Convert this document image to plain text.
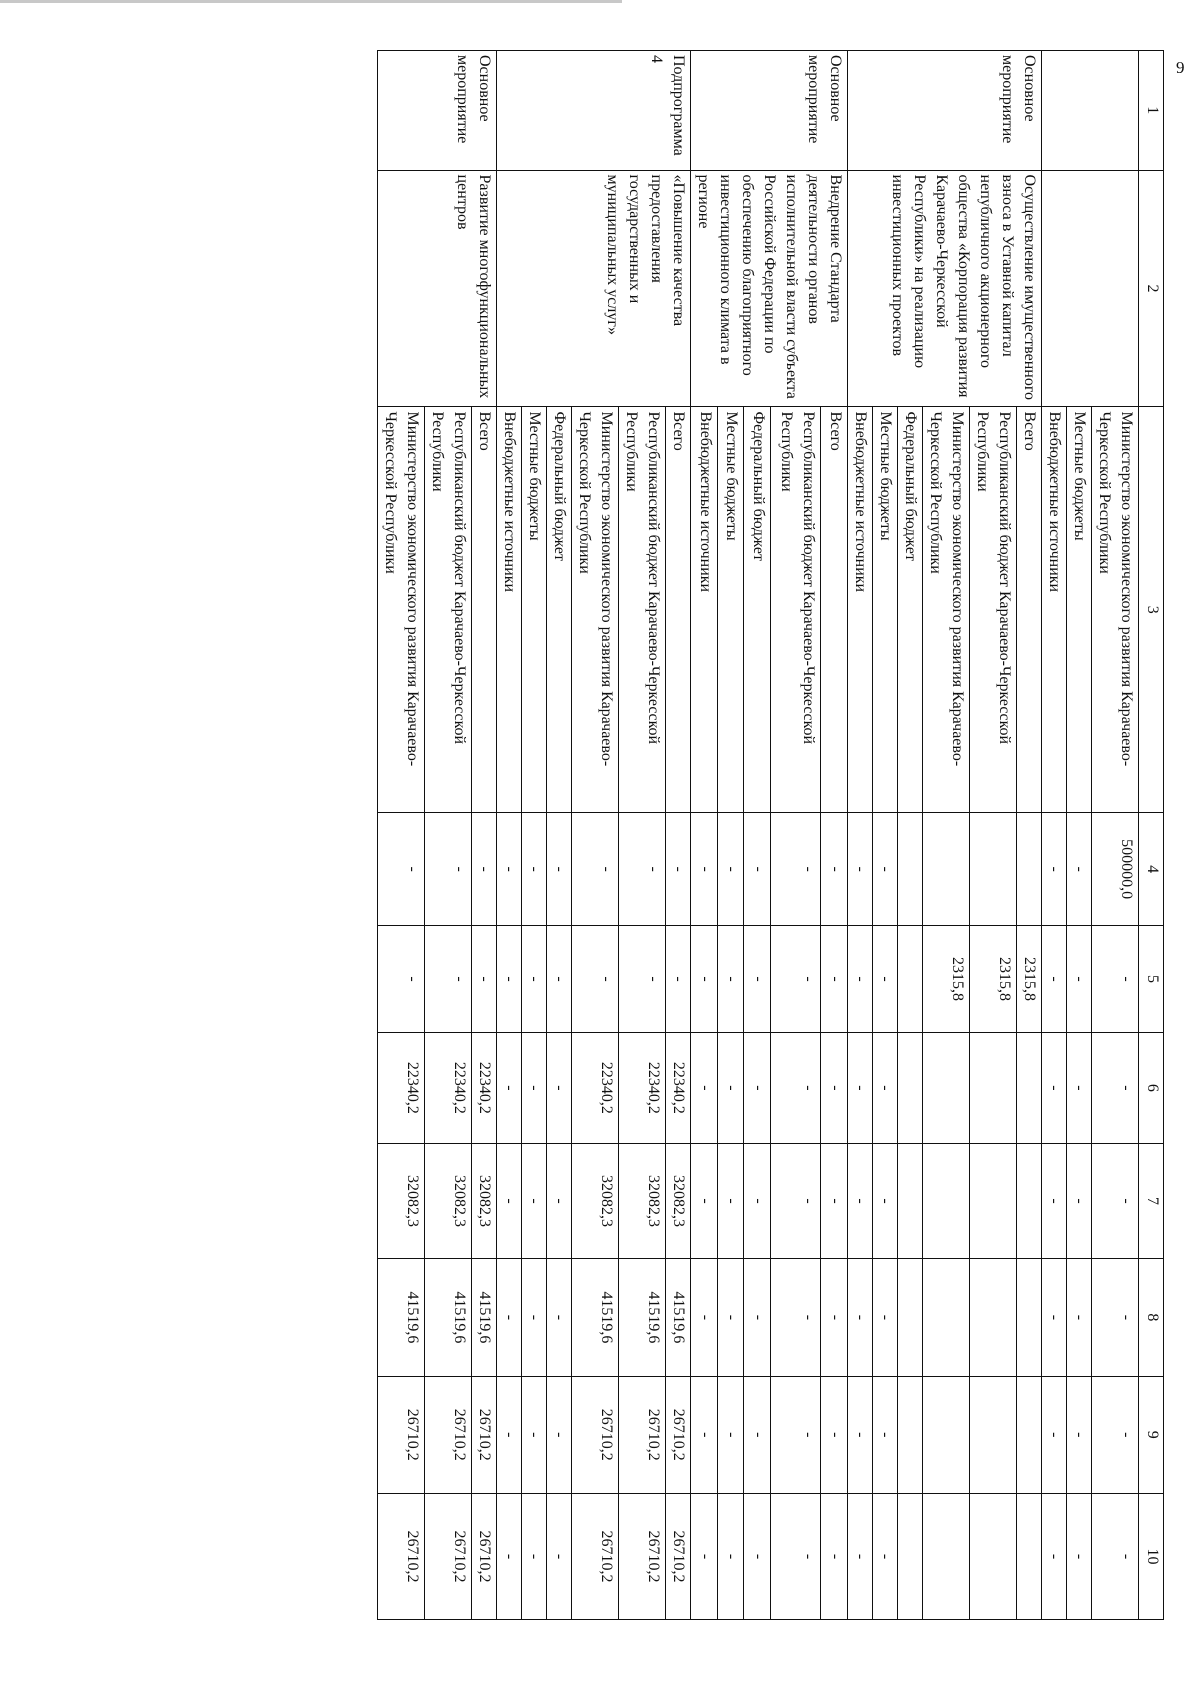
9
1	2	3	4	5	6	7	8	9	10
		Министерство экономического развития Карачаево-Черкесской Республики	500000,0	-	-	-	-	-	-
		Местные бюджеты	-	-	-	-	-	-	-
		Внебюджетные источники	-	-	-	-	-	-	-
Основное мероприятие	Осуществление имущественного взноса в Уставной капитал непубличного акционерного общества «Корпорация развития Карачаево-Черкесской Республики» на реализацию инвестиционных проектов	Всего		2315,8					
		Республиканский бюджет Карачаево-Черкесской Республики		2315,8					
		Министерство экономического развития Карачаево-Черкесской Республики		2315,8					
		Федеральный бюджет							
		Местные бюджеты	-	-	-	-	-	-	-
		Внебюджетные источники	-	-	-	-	-	-	-
Основное мероприятие	Внедрение Стандарта деятельности органов исполнительной власти субъекта Российской Федерации по обеспечению благоприятного инвестиционного климата в регионе	Всего	-	-	-	-	-	-	-
		Республиканский бюджет Карачаево-Черкесской Республики	-	-	-	-	-	-	-
		Федеральный бюджет	-	-	-	-	-	-	-
		Местные бюджеты	-	-	-	-	-	-	-
		Внебюджетные источники	-	-	-	-	-	-	-
Подпрограмма 4	«Повышение качества предоставления государственных и муниципальных услуг»	Всего	-	-	22340,2	32082,3	41519,6	26710,2	26710,2
		Республиканский бюджет Карачаево-Черкесской Республики	-	-	22340,2	32082,3	41519,6	26710,2	26710,2
		Министерство экономического развития Карачаево-Черкесской Республики	-	-	22340,2	32082,3	41519,6	26710,2	26710,2
		Федеральный бюджет	-	-	-	-	-	-	-
		Местные бюджеты	-	-	-	-	-	-	-
		Внебюджетные источники	-	-	-	-	-	-	-
Основное мероприятие	Развитие многофункциональных центров	Всего	-	-	22340,2	32082,3	41519,6	26710,2	26710,2
		Республиканский бюджет Карачаево-Черкесской Республики	-	-	22340,2	32082,3	41519,6	26710,2	26710,2
		Министерство экономического развития Карачаево-Черкесской Республики	-	-	22340,2	32082,3	41519,6	26710,2	26710,2
